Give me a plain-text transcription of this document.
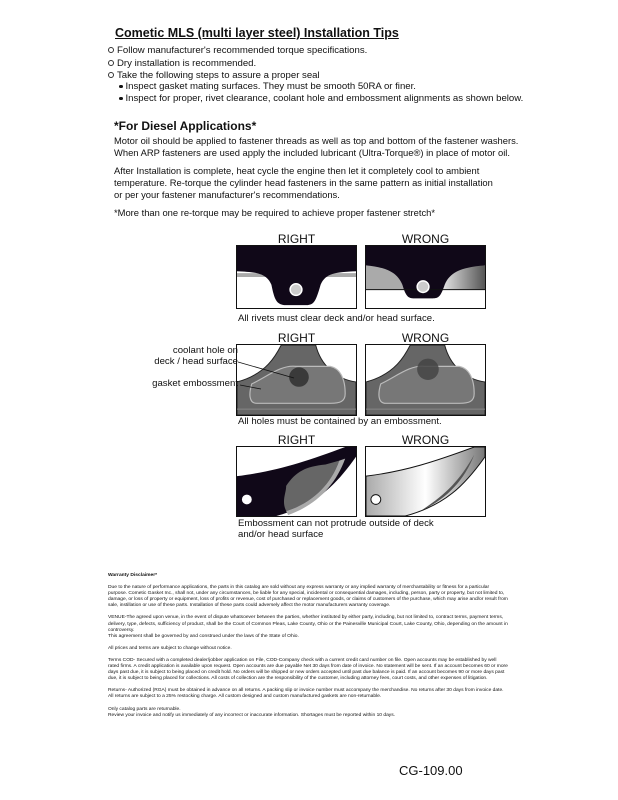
Cometic MLS (multi layer steel) Installation Tips
Follow manufacturer's recommended torque specifications.
Dry installation is recommended.
Take the following steps to assure a proper seal
Inspect gasket mating surfaces. They must be smooth 50RA or finer.
Inspect for proper, rivet clearance, coolant hole and embossment alignments as shown below.
*For Diesel Applications*
Motor oil should be applied to fastener threads as well as top and bottom of the fastener washers.
When ARP fasteners are used apply the included lubricant (Ultra-Torque®) in place of motor oil.
After Installation is complete, heat cycle the engine then let it completely cool to ambient
temperature. Re-torque the cylinder head fasteners in the same pattern as initial installation
or per your fastener manufacturer's recommendations.
*More than one re-torque may be required to achieve proper fastener stretch*
RIGHT	WRONG
All rivets must clear deck and/or head surface.
RIGHT	WRONG
coolant hole on
deck / head surface
gasket embossment
All holes must be contained by an embossment.
RIGHT	WRONG
Embossment can not protrude outside of deck
and/or head surface

Warranty Disclaimer*

Due to the nature of performance applications, the parts in this catalog are sold without any express warranty or any implied warranty of merchantability or fitness for a particular purpose. Cometic Gasket Inc., shall not, under any circumstances, be liable for any special, incidental or consequential damages, including, person, party or property, but not limited to, damage, or loss of property or equipment, loss of profits or revenue, cost of purchased or replacement goods, or claims of customers of the purchase, which may arise and/or result from sale, instillation or use of these parts. Installation of these parts could adversely affect the motor manufacturers warranty coverage.

VENUE-The agreed upon venue, in the event of dispute whatsoever between the parties, whether instituted by either party, including, but not limited to, contract terms, payment terms, delivery, type, defects, sufficiency of product, shall be the Court of Common Pleas, Lake County, Ohio or the Painesville Municipal Court, Lake County, Ohio, depending on the amount in controversy.

This agreement shall be governed by and construed under the laws of the State of Ohio.

All prices and terms are subject to change without notice.

Terms COD- Secured with a completed dealer/jobber application on File, COD-Company check with a current credit card number on file. Open accounts may be established by well rated firms. A credit application is available upon request. Open accounts are due payable Net 30 days from date of invoice. No statement will be sent. If an account becomes 60 or more days past due, it is subject to being placed on credit hold. No orders will be shipped or new orders accepted until past due balance is paid. If an account becomes 90 or more days past due, it is subject to being placed for collections. All costs of collection are the responsibility of the customer, including attorney fees, court costs, and other expenses of litigation.

Returns- Authorized (RGA) must be obtained in advance on all returns. A packing slip or invoice number must accompany the merchandise. No returns after 30 days from invoice date. All returns are subject to a 25% restocking charge. All custom designed and custom manufactured gaskets are non-returnable.

Only catalog parts are returnable.

Review your invoice and notify us immediately of any incorrect or inaccurate information. Shortages must be reported within 10 days.

CG-109.00
